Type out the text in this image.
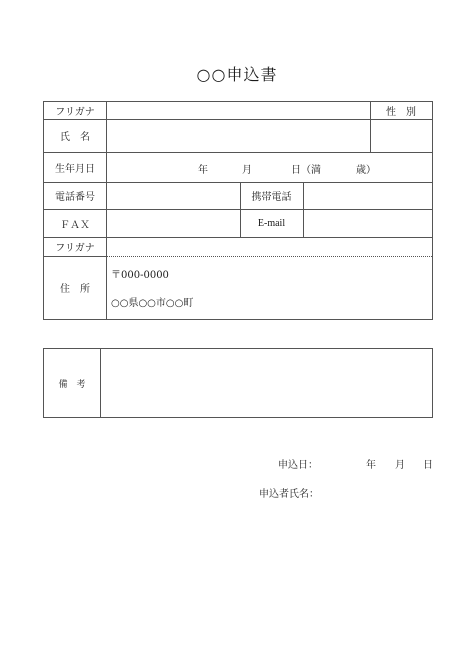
○○申込書
フリガナ	性　別
氏　名
生年月日	年	月	日（満	歳）
電話番号	携帯電話
ＦＡＸ	E-mail
フリガナ
住　所
〒000-0000
○○県○○市○○町
備　考
申込日：	年 月 日
申込者氏名：
